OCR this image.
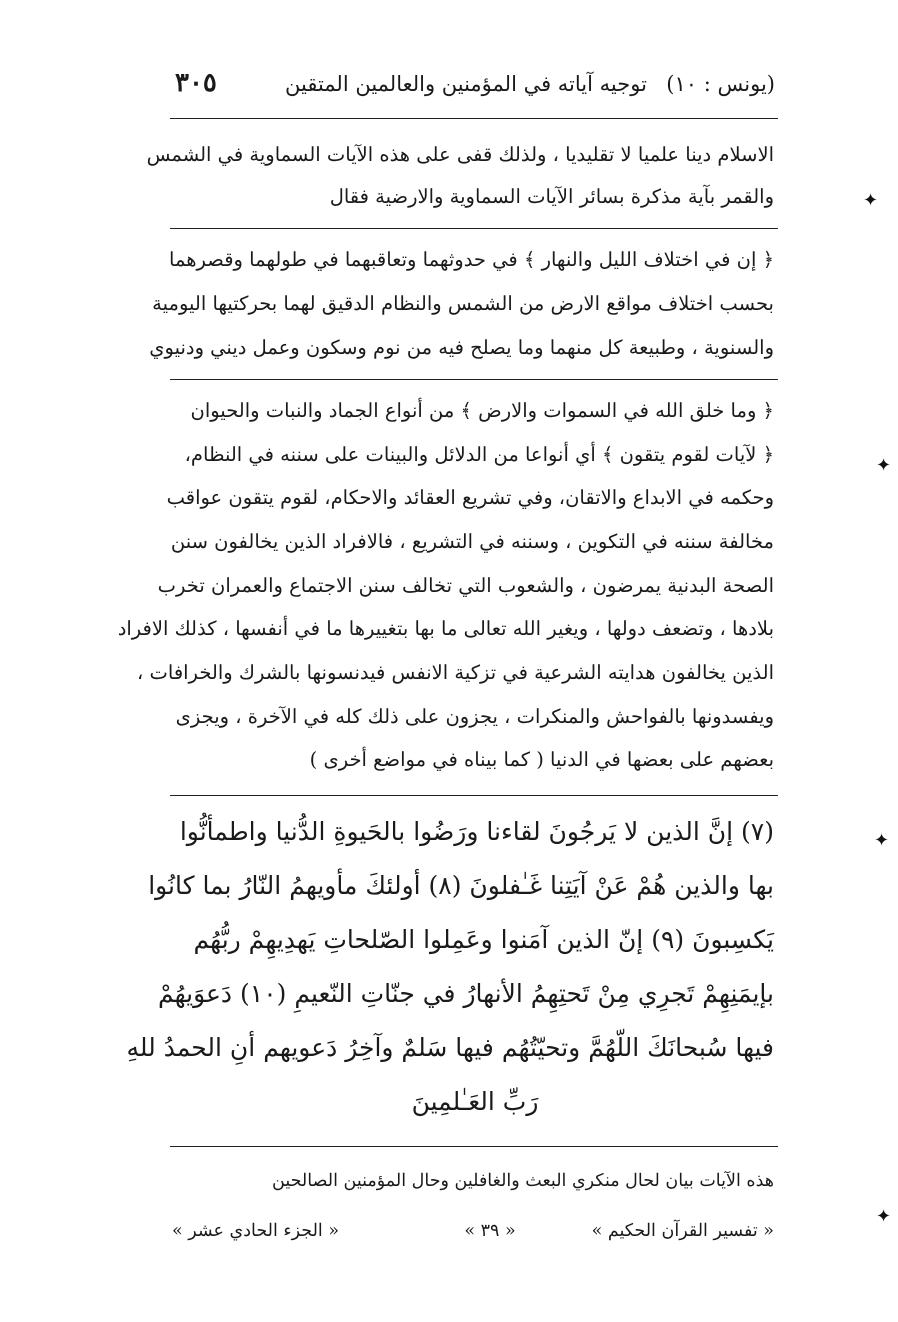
٣٠٥	توجيه آياته في المؤمنين والعالمين المتقين (يونس : ١٠)
الاسلام دينا علميا لا تقليديا ، ولذلك قفى على هذه الآيات السماوية في الشمس
والقمر بآية مذكرة بسائر الآيات السماوية والارضية فقال
﴿ إن في اختلاف الليل والنهار ﴾ في حدوثهما وتعاقبهما في طولهما وقصرهما
بحسب اختلاف مواقع الارض من الشمس والنظام الدقيق لهما بحركتيها اليومية
والسنوية ، وطبيعة كل منهما وما يصلح فيه من نوم وسكون وعمل ديني ودنيوي
﴿ وما خلق الله في السموات والارض ﴾ من أنواع الجماد والنبات والحيوان
﴿ لآيات لقوم يتقون ﴾ أي أنواعا من الدلائل والبينات على سننه في النظام،
وحكمه في الابداع والاتقان، وفي تشريع العقائد والاحكام، لقوم يتقون عواقب
مخالفة سننه في التكوين ، وسننه في التشريع ، فالافراد الذين يخالفون سنن
الصحة البدنية يمرضون ، والشعوب التي تخالف سنن الاجتماع والعمران تخرب
بلادها ، وتضعف دولها ، ويغير الله تعالى ما بها بتغييرها ما في أنفسها ، كذلك الافراد
الذين يخالفون هدايته الشرعية في تزكية الانفس فيدنسونها بالشرك والخرافات ،
ويفسدونها بالفواحش والمنكرات ، يجزون على ذلك كله في الآخرة ، ويجزى
بعضهم على بعضها في الدنيا ( كما بيناه في مواضع أخرى )
(٧) إنَّ الذين لا يَرجُونَ لقاءنا ورَضُوا بالحَيوةِ الدُّنيا واطمأنُّوا
بها والذين هُمْ عَنْ آيَتِنا غَـٰفلونَ (٨) أولئكَ مأويهمُ النّارُ بما كانُوا
يَكسِبونَ (٩) إنّ الذين آمَنوا وعَمِلوا الصّلحاتِ يَهدِيهِمْ ربُّهُم
بإيمَنِهِمْ تَجرِي مِنْ تَحتِهِمُ الأنهارُ في جنّاتِ النّعيمِ (١٠) دَعوَيهُمْ
فيها سُبحانَكَ اللّهُمَّ وتحيّتُهُم فيها سَلمٌ وآخِرُ دَعويهم أنِ الحمدُ للهِ
رَبِّ العَـٰلمِينَ
هذه الآيات بيان لحال منكري البعث والغافلين وحال المؤمنين الصالحين
« الجزء الحادي عشر »	« ٣٩ »	« تفسير القرآن الحكيم »
✦
✦
✦
✦
